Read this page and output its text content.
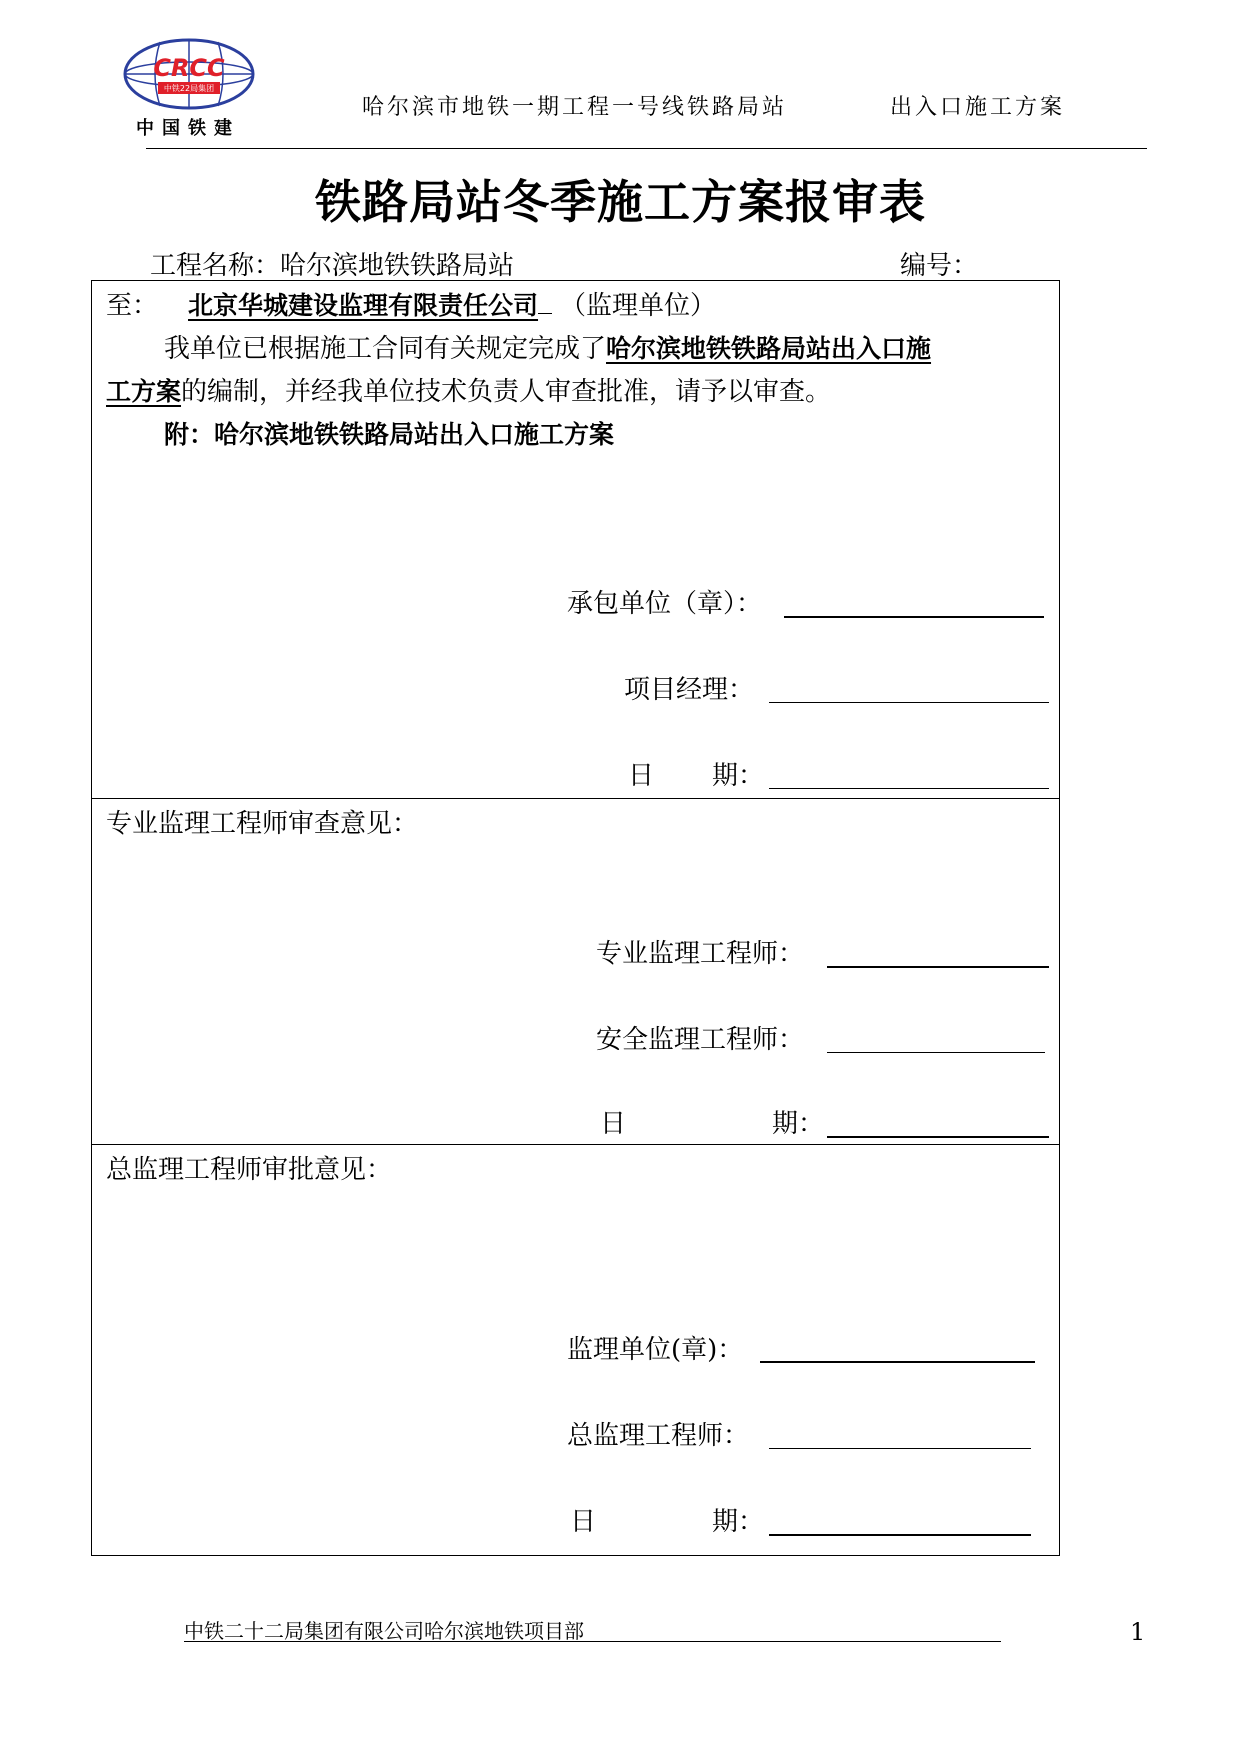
CRCC
中铁22局集团
中国铁建
哈尔滨市地铁一期工程一号线铁路局站	出入口施工方案
铁路局站冬季施工方案报审表
工程名称：哈尔滨地铁铁路局站	编号：
至： 北京华城建设监理有限责任公司 （监理单位）
我单位已根据施工合同有关规定完成了哈尔滨地铁铁路局站出入口施
工方案的编制，并经我单位技术负责人审查批准，请予以审查。
附：哈尔滨地铁铁路局站出入口施工方案
承包单位（章）：
项目经理：
日 期：
专业监理工程师审查意见：
专业监理工程师：
安全监理工程师：
日	期：
总监理工程师审批意见：
监理单位(章)：
总监理工程师：
日	期：
中铁二十二局集团有限公司哈尔滨地铁项目部	1
